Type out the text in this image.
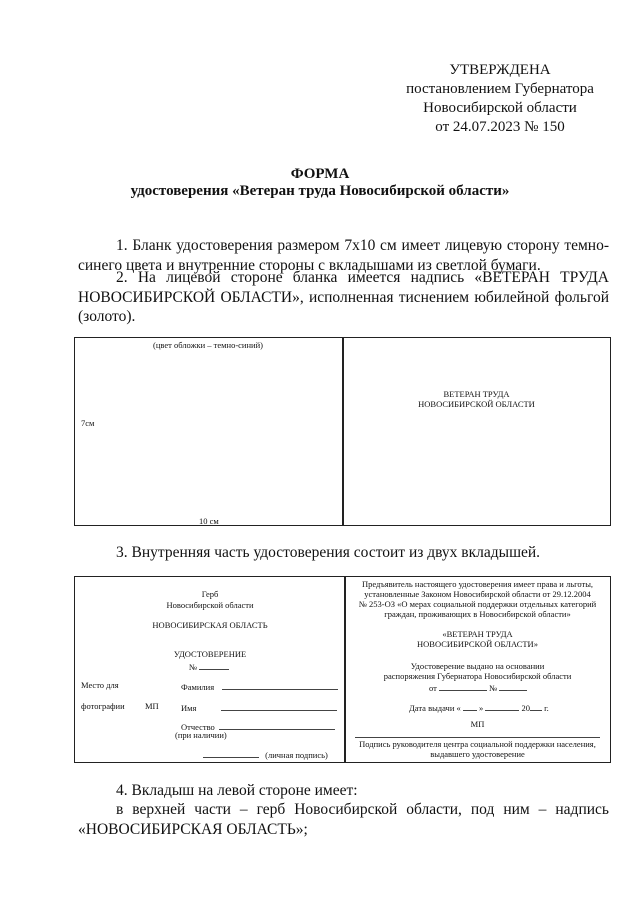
УТВЕРЖДЕНА
постановлением Губернатора
Новосибирской области
от 24.07.2023 № 150
ФОРМА
удостоверения «Ветеран труда Новосибирской области»
1. Бланк удостоверения размером 7х10 см имеет лицевую сторону темно-синего цвета и внутренние стороны с вкладышами из светлой бумаги.
2. На лицевой стороне бланка имеется надпись «ВЕТЕРАН ТРУДА НОВОСИБИРСКОЙ ОБЛАСТИ», исполненная тиснением юбилейной фольгой (золото).
(цвет обложки – темно-синий)
7см
10 см
ВЕТЕРАН ТРУДА
НОВОСИБИРСКОЙ ОБЛАСТИ
3. Внутренняя часть удостоверения состоит из двух вкладышей.
Герб
Новосибирской области
НОВОСИБИРСКАЯ ОБЛАСТЬ
УДОСТОВЕРЕНИЕ
№
Место для
фотографии МП
Фамилия
Имя
Отчество
(при наличии)
(личная подпись)
Предъявитель настоящего удостоверения имеет права и льготы,
установленные Законом Новосибирской области от 29.12.2004
№ 253-ОЗ «О мерах социальной поддержки отдельных категорий
граждан, проживающих в Новосибирской области»
«ВЕТЕРАН ТРУДА
НОВОСИБИРСКОЙ ОБЛАСТИ»
Удостоверение выдано на основании
распоряжения Губернатора Новосибирской области
от	№
Дата выдачи « »	20 г.
МП
Подпись руководителя центра социальной поддержки населения,
выдавшего удостоверение
4. Вкладыш на левой стороне имеет:
в верхней части – герб Новосибирской области, под ним – надпись «НОВОСИБИРСКАЯ ОБЛАСТЬ»;
